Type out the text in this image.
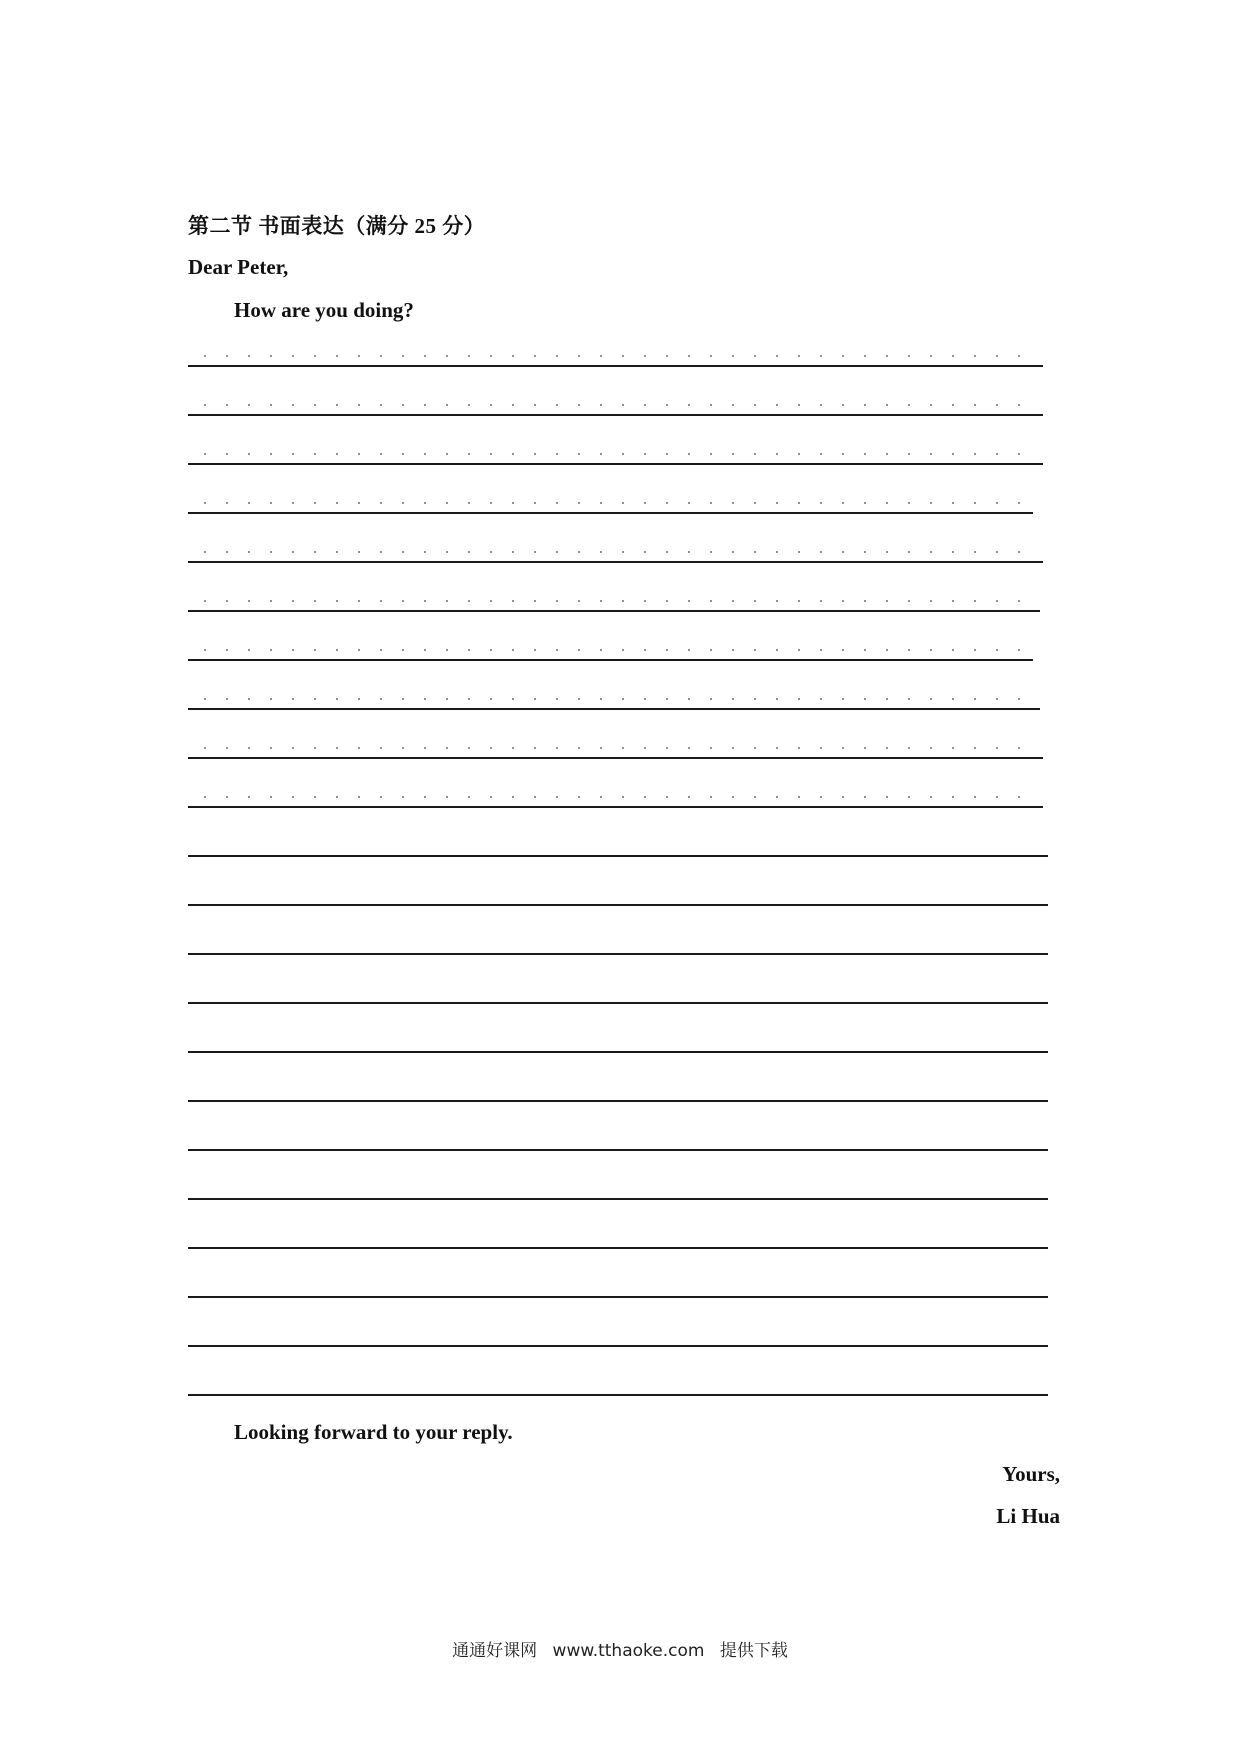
第二节 书面表达（满分 25 分）
Dear Peter,
How are you doing?
Looking forward to your reply.
Yours,
Li Hua
通通好课网 www.tthaoke.com 提供下载
